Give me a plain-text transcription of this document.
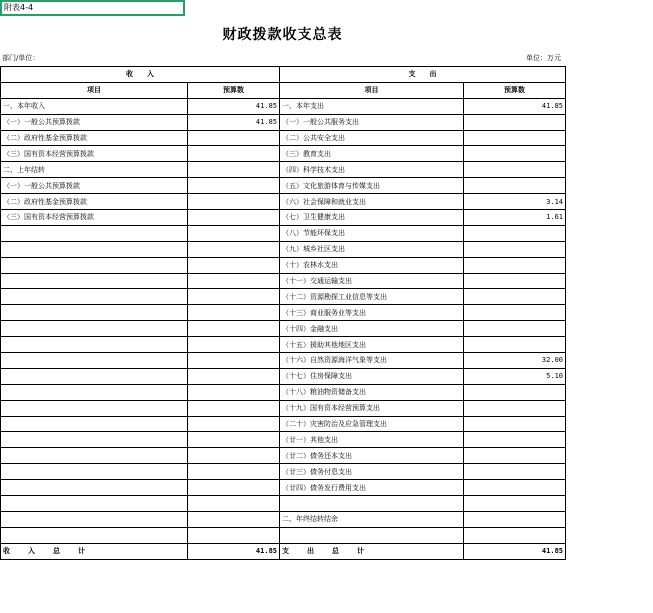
附表4-4
财政拨款收支总表
部门/单位：	单位：万元
收　　入		支　　出	
项目	预算数	项目	预算数
一、本年收入	41.85	一、本年支出	41.85
（一）一般公共预算拨款	41.85	（一）一般公共服务支出	
（二）政府性基金预算拨款		（二）公共安全支出	
（三）国有资本经营预算拨款		（三）教育支出	
二、上年结转		（四）科学技术支出	
（一）一般公共预算拨款		（五）文化旅游体育与传媒支出	
（二）政府性基金预算拨款		（六）社会保障和就业支出	3.14
（三）国有资本经营预算拨款		（七）卫生健康支出	1.61
		（八）节能环保支出	
		（九）城乡社区支出	
		（十）农林水支出	
		（十一）交通运输支出	
		（十二）资源勘探工业信息等支出	
		（十三）商业服务业等支出	
		（十四）金融支出	
		（十五）援助其他地区支出	
		（十六）自然资源海洋气象等支出	32.00
		（十七）住房保障支出	5.10
		（十八）粮油物资储备支出	
		（十九）国有资本经营预算支出	
		（二十）灾害防治及应急管理支出	
		（廿一）其他支出	
		（廿二）债务还本支出	
		（廿三）债务付息支出	
		（廿四）债务发行费用支出	

		二、年终结转结余	

收入总计	41.85	支出总计	41.85
